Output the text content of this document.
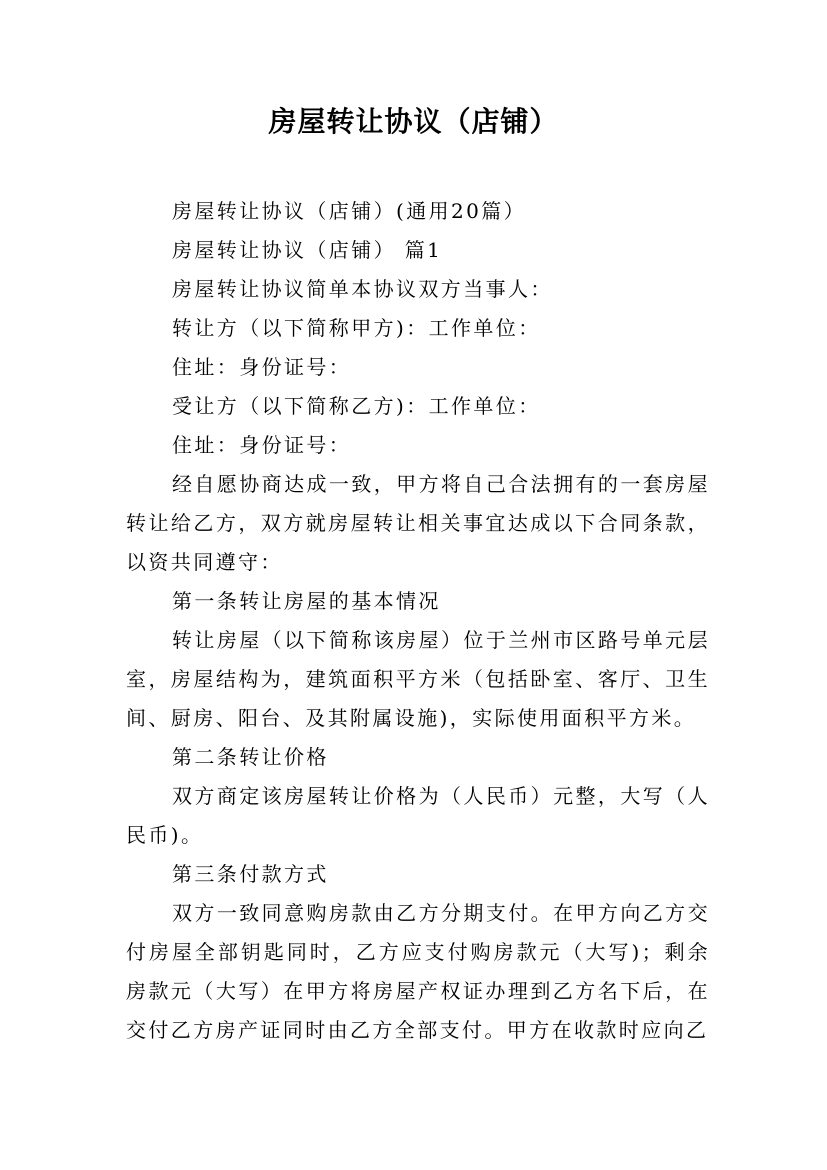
房屋转让协议（店铺）

房屋转让协议（店铺）(通用20篇）

房屋转让协议（店铺） 篇1

房屋转让协议简单本协议双方当事人：

转让方（以下简称甲方)：工作单位：

住址：身份证号：

受让方（以下简称乙方)：工作单位：

住址：身份证号：

经自愿协商达成一致，甲方将自己合法拥有的一套房屋转让给乙方，双方就房屋转让相关事宜达成以下合同条款，以资共同遵守：

第一条转让房屋的基本情况

转让房屋（以下简称该房屋）位于兰州市区路号单元层室，房屋结构为，建筑面积平方米（包括卧室、客厅、卫生间、厨房、阳台、及其附属设施)，实际使用面积平方米。

第二条转让价格

双方商定该房屋转让价格为（人民币）元整，大写（人民币)。

第三条付款方式

双方一致同意购房款由乙方分期支付。在甲方向乙方交付房屋全部钥匙同时，乙方应支付购房款元（大写)；剩余房款元（大写）在甲方将房屋产权证办理到乙方名下后，在交付乙方房产证同时由乙方全部支付。甲方在收款时应向乙
